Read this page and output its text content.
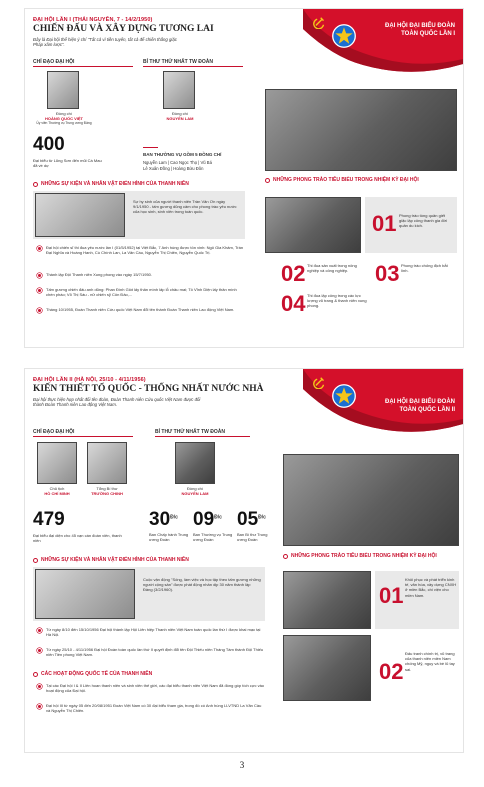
ĐẠI HỘI ĐẠI BIỂU ĐOÀN
TOÀN QUỐC LẦN I
ĐẠI HỘI LẦN I (THÁI NGUYÊN, 7 - 14/2/1950)
CHIẾN ĐẤU VÀ XÂY DỰNG TƯƠNG LAI
Đây là Đại hội thể hiện ý chí "Tất cả vì tiền tuyến, tất cả để chiến thắng giặc Pháp xâm lược".
CHỈ ĐẠO ĐẠI HỘI	BÍ THƯ THỨ NHẤT TW ĐOÀN
Đồng chí
HOÀNG QUỐC VIỆT
Ủy viên Thường vụ Trung ương Đảng
Đồng chí
NGUYỄN LAM
400
Đại biểu từ Lũng Sơn đến mũi Cà Mau đã về dự
BAN THƯỜNG VỤ GỒM 5 ĐỒNG CHÍ
Nguyễn Lam | Cao Ngọc Thọ | Vũ Bá
Lê Xuân Đồng | Hoàng Bửu Đôn
NHỮNG SỰ KIỆN VÀ NHÂN VẬT ĐIỂN HÌNH CỦA THANH NIÊN
Sự hy sinh của người thanh niên Trần Văn Ơn ngày 9/1/1950 - tấm gương dũng cảm cho phong trào yêu nước của học sinh, sinh viên trong toàn quốc.
Đại hội chiến sĩ thi đua yêu nước lần I (01/5/1952) tại Việt Bắc, 7 Anh hùng được tôn vinh: Ngô Gia Khảm, Trần Đại Nghĩa và Hoàng Hanh, Cù Chính Lan, La Văn Cầu, Nguyễn Thị Chiên, Nguyễn Quốc Trị.
Thành lập Đội Thanh niên Xung phong vào ngày 15/7/1950.
Tấm gương chiến đấu anh dũng: Phan Đình Giót lấy thân mình lấp lỗ châu mai; Tô Vĩnh Diện lấy thân mình chèn pháo; Võ Thị Sáu - nữ chiến sỹ Côn Đảo,...
Tháng 10/1955, Đoàn Thanh niên Cứu quốc Việt Nam đổi tên thành Đoàn Thanh niên Lao động Việt Nam.
NHỮNG PHONG TRÀO TIÊU BIỂU TRONG NHIỆM KỲ ĐẠI HỘI
01 Phong trào tòng quân giết giặc lập công thanh gia đời quân du kích.
02 Thi đua sản xuất trong nông nghiệp và công nghiệp.	03 Phong trào chống địch bắt lính.
04 Thi đua lập công trong các lực lượng vũ trang & thanh niên xung phong.
ĐẠI HỘI ĐẠI BIỂU ĐOÀN
TOÀN QUỐC LẦN II
ĐẠI HỘI LẦN II (HÀ NỘI, 25/10 - 4/11/1956)
KIẾN THIẾT TỔ QUỐC - THỐNG NHẤT NƯỚC NHÀ
Đại hội thực hiện hợp nhất đổi tên đoàn, Đoàn Thanh niên Cứu quốc Việt Nam được đổi thành Đoàn Thanh niên Lao động Việt Nam.
CHỈ ĐẠO ĐẠI HỘI	BÍ THƯ THỨ NHẤT TW ĐOÀN
Chủ tịch
HỒ CHÍ MINH
Tổng Bí thư
TRƯỜNG CHINH
Đồng chí
NGUYỄN LAM
479
Đại biểu đại diện cho 45 vạn cán đoàn viên, thanh niên
$30^{Đ/c}$
Ban Chấp hành Trung ương Đoàn
$09^{Đ/c}$
Ban Thường vụ Trung ương Đoàn
$05^{Đ/c}$
Ban Bí thư Trung ương Đoàn
NHỮNG SỰ KIỆN VÀ NHÂN VẬT ĐIỂN HÌNH CỦA THANH NIÊN
Cuộc vận động "Sống, làm việc và học tập theo tấm gương những người cộng sản" được phát động nhân dịp 30 năm thành lập Đảng (3/2/1960).
Từ ngày 8/10 đến 15/10/1956 Đại hội thành lập Hội Liên hiệp Thanh niên Việt Nam toàn quốc lần thứ I được khai mạc tại Hà Nội.
Từ ngày 25/10 - 4/11/1956 Đại hội Đoàn toàn quốc lần thứ II quyết định đổi tên Đội Thiếu niên Tháng Tám thành Đội Thiếu niên Tiền phong Việt Nam.
CÁC HOẠT ĐỘNG QUỐC TẾ CỦA THANH NIÊN
Tại các Đại hội I & II Liên hoan thanh niên và sinh viên thế giới, các đại biểu thanh niên Việt Nam đã đóng góp tích cực vào hoạt động của Đại hội.
Đại hội III từ ngày 05 đến 20/08/1951 Đoàn Việt Nam có 30 đại biểu tham gia, trong đó có Anh hùng LLVTND La Văn Cầu và Nguyễn Thị Chiên.
NHỮNG PHONG TRÀO TIÊU BIỂU TRONG NHIỆM KỲ ĐẠI HỘI
01
Khôi phục và phát triển kinh tế, văn hóa, xây dựng CNXH ở miền Bắc, chi viện cho miền Nam.
02
Đấu tranh chính trị, vũ trang của thanh niên miền Nam chống Mỹ, ngụy và bè lũ tay sai.
3
